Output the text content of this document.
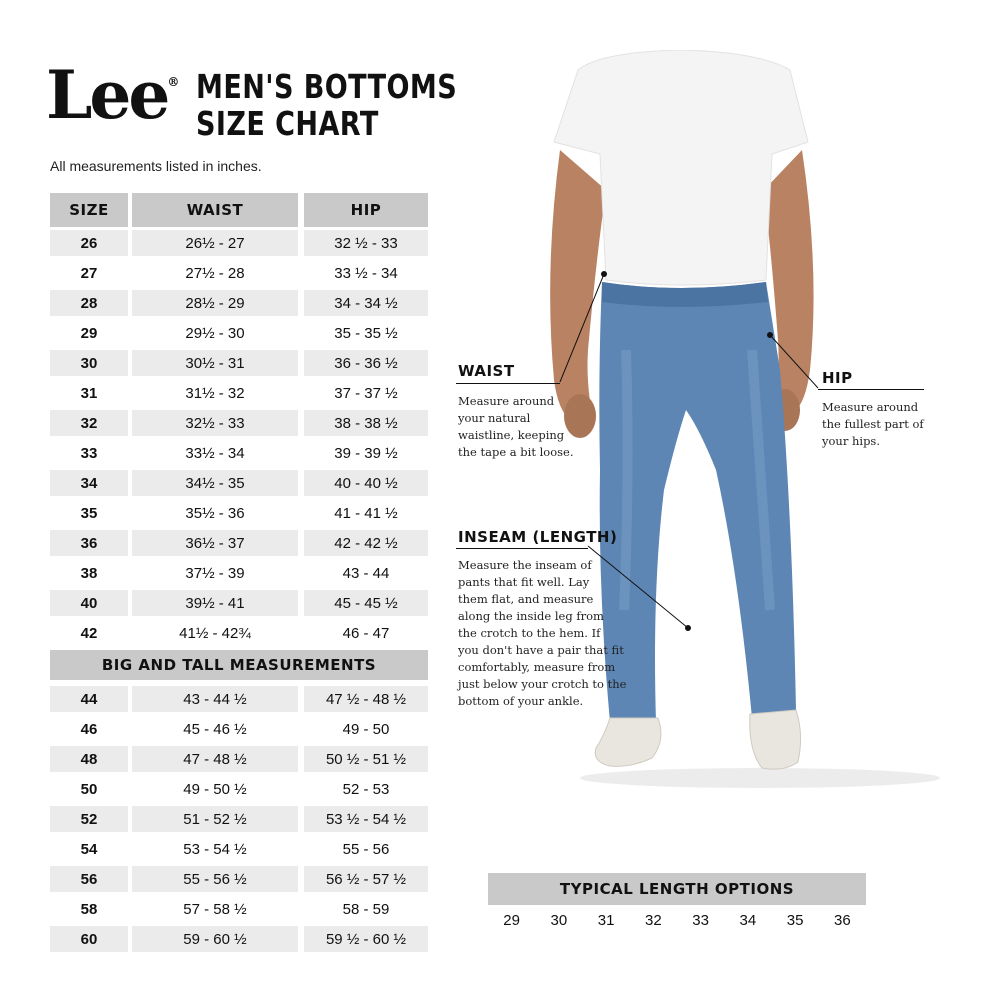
Lee® MEN'S BOTTOMS
SIZE CHART
All measurements listed in inches.
SIZE	WAIST	HIP
26	26½ - 27	32 ½ - 33
27	27½ - 28	33 ½ - 34
28	28½ - 29	34 - 34 ½
29	29½ - 30	35 - 35 ½
30	30½ - 31	36 - 36 ½
31	31½ - 32	37 - 37 ½
32	32½ - 33	38 - 38 ½
33	33½ - 34	39 - 39 ½
34	34½ - 35	40 - 40 ½
35	35½ - 36	41 - 41 ½
36	36½ - 37	42 - 42 ½
38	37½ - 39	43 - 44
40	39½ - 41	45 - 45 ½
42	41½ - 42¾	46 - 47
BIG AND TALL MEASUREMENTS
44	43 - 44 ½	47 ½ - 48 ½
46	45 - 46 ½	49 - 50
48	47 - 48 ½	50 ½ - 51 ½
50	49 - 50 ½	52 - 53
52	51 - 52 ½	53 ½ - 54 ½
54	53 - 54 ½	55 - 56
56	55 - 56 ½	56 ½ - 57 ½
58	57 - 58 ½	58 - 59
60	59 - 60 ½	59 ½ - 60 ½
WAIST
Measure around
your natural
waistline, keeping
the tape a bit loose.
HIP
Measure around
the fullest part of
your hips.
INSEAM (LENGTH)
Measure the inseam of
pants that fit well. Lay
them flat, and measure
along the inside leg from
the crotch to the hem. If
you don't have a pair that fit
comfortably, measure from
just below your crotch to the
bottom of your ankle.
TYPICAL LENGTH OPTIONS
29 30 31 32 33 34 35 36
